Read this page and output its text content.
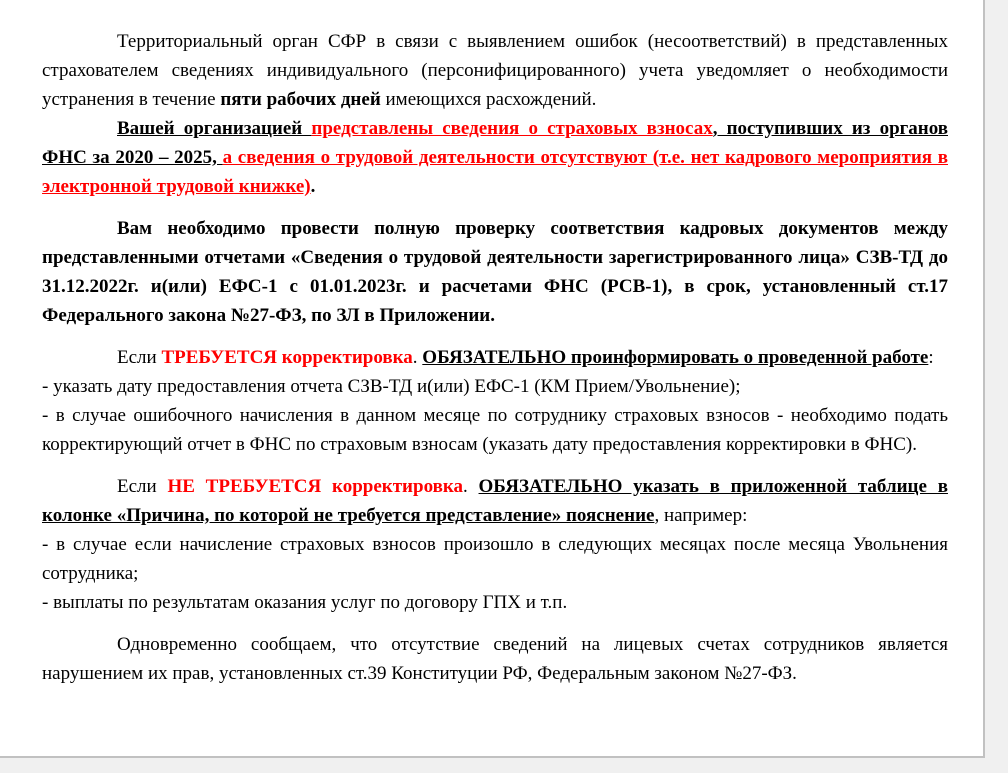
Территориальный орган СФР в связи с выявлением ошибок (несоответствий) в представленных страхователем сведениях индивидуального (персонифицированного) учета уведомляет о необходимости устранения в течение пяти рабочих дней имеющихся расхождений.

Вашей организацией представлены сведения о страховых взносах, поступивших из органов ФНС за 2020 – 2025, а сведения о трудовой деятельности отсутствуют (т.е. нет кадрового мероприятия в электронной трудовой книжке).

Вам необходимо провести полную проверку соответствия кадровых документов между представленными отчетами «Сведения о трудовой деятельности зарегистрированного лица» СЗВ-ТД до 31.12.2022г. и(или) ЕФС-1 с 01.01.2023г. и расчетами ФНС (РСВ-1), в срок, установленный ст.17 Федерального закона №27-ФЗ, по ЗЛ в Приложении.

Если ТРЕБУЕТСЯ корректировка. ОБЯЗАТЕЛЬНО проинформировать о проведенной работе:

- указать дату предоставления отчета СЗВ-ТД и(или) ЕФС-1 (КМ Прием/Увольнение);

- в случае ошибочного начисления в данном месяце по сотруднику страховых взносов - необходимо подать корректирующий отчет в ФНС по страховым взносам (указать дату предоставления корректировки в ФНС).

Если НЕ ТРЕБУЕТСЯ корректировка. ОБЯЗАТЕЛЬНО указать в приложенной таблице в колонке «Причина, по которой не требуется представление» пояснение, например:

- в случае если начисление страховых взносов произошло в следующих месяцах после месяца Увольнения сотрудника;

- выплаты по результатам оказания услуг по договору ГПХ и т.п.

Одновременно сообщаем, что отсутствие сведений на лицевых счетах сотрудников является нарушением их прав, установленных ст.39 Конституции РФ, Федеральным законом №27-ФЗ.
